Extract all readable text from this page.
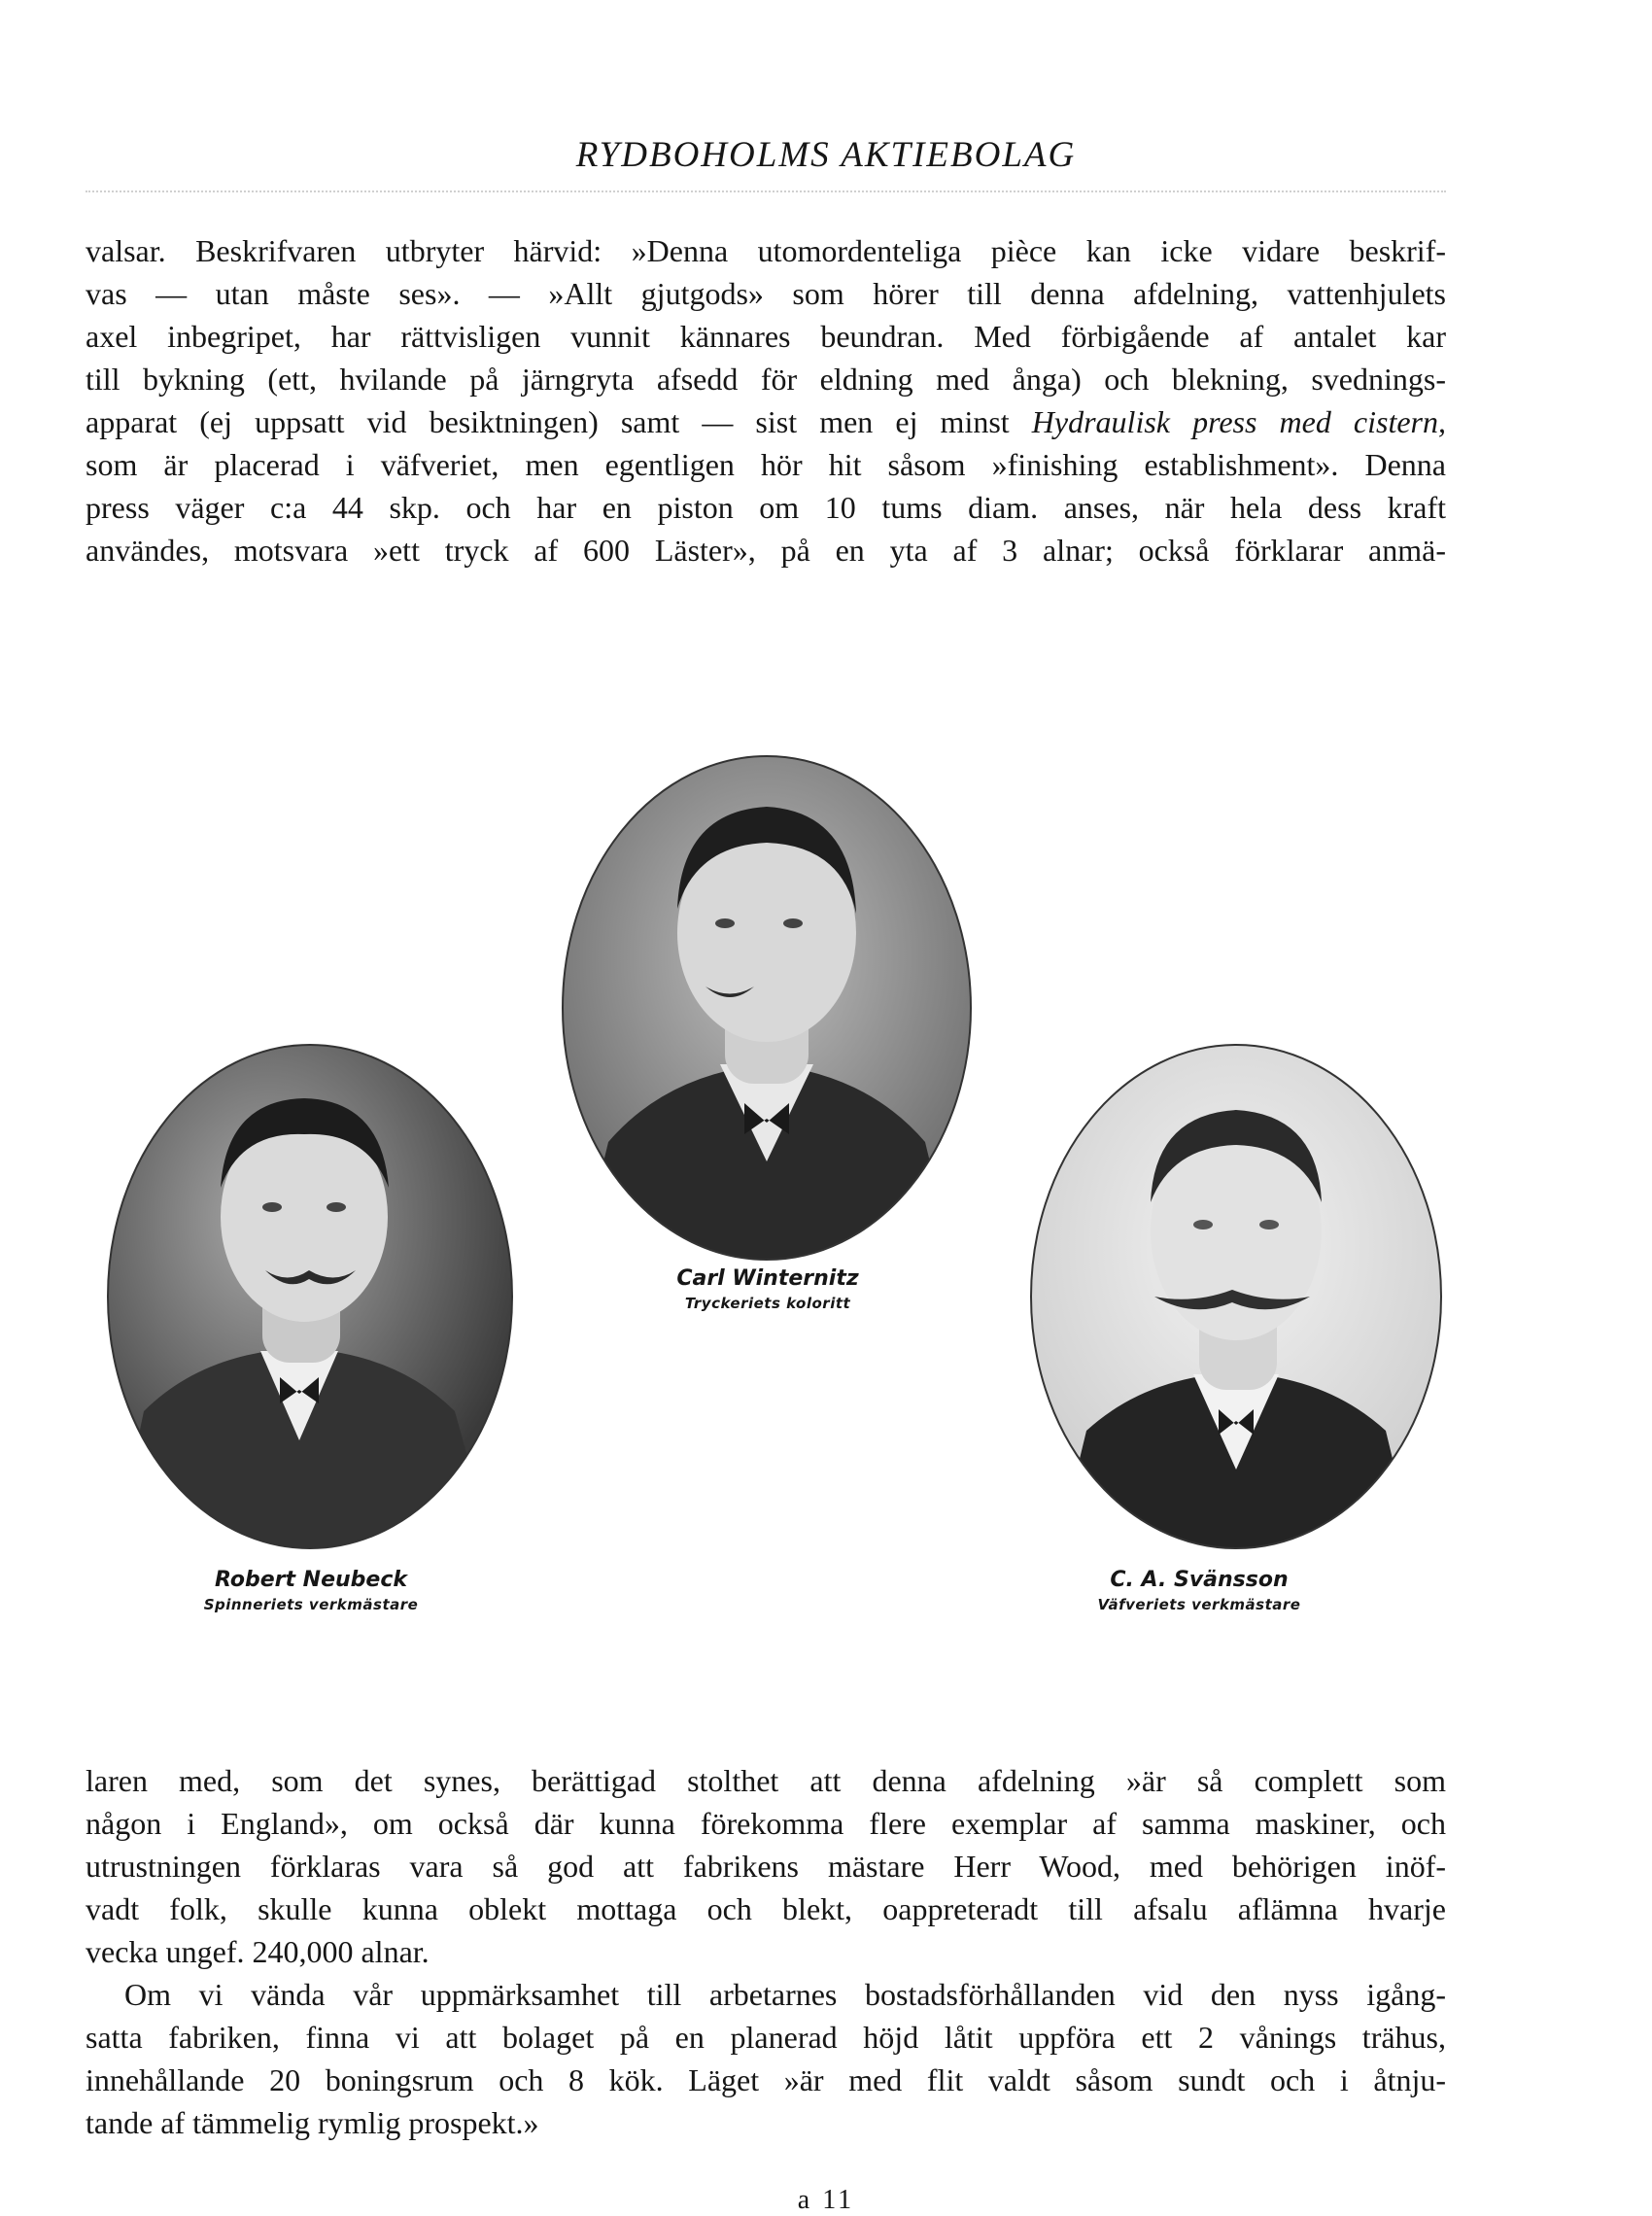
RYDBOHOLMS AKTIEBOLAG
valsar. Beskrifvaren utbryter härvid: »Denna utomordenteliga pièce kan icke vidare beskrif-
vas — utan måste ses». — »Allt gjutgods» som hörer till denna afdelning, vattenhjulets
axel inbegripet, har rättvisligen vunnit kännares beundran. Med förbigående af antalet kar
till bykning (ett, hvilande på järngryta afsedd för eldning med ånga) och blekning, svednings-
apparat (ej uppsatt vid besiktningen) samt — sist men ej minst Hydraulisk press med cistern,
som är placerad i väfveriet, men egentligen hör hit såsom »finishing establishment». Denna
press väger c:a 44 skp. och har en piston om 10 tums diam. anses, när hela dess kraft
användes, motsvara »ett tryck af 600 Läster», på en yta af 3 alnar; också förklarar anmä-
Carl Winternitz
Tryckeriets koloritt
Robert Neubeck
Spinneriets verkmästare
C. A. Svänsson
Väfveriets verkmästare
laren med, som det synes, berättigad stolthet att denna afdelning »är så complett som
någon i England», om också där kunna förekomma flere exemplar af samma maskiner, och
utrustningen förklaras vara så god att fabrikens mästare Herr Wood, med behörigen inöf-
vadt folk, skulle kunna oblekt mottaga och blekt, oappreteradt till afsalu aflämna hvarje
vecka ungef. 240,000 alnar.
Om vi vända vår uppmärksamhet till arbetarnes bostadsförhållanden vid den nyss igång-
satta fabriken, finna vi att bolaget på en planerad höjd låtit uppföra ett 2 vånings trähus,
innehållande 20 boningsrum och 8 kök. Läget »är med flit valdt såsom sundt och i åtnju-
tande af tämmelig rymlig prospekt.»
a 11
